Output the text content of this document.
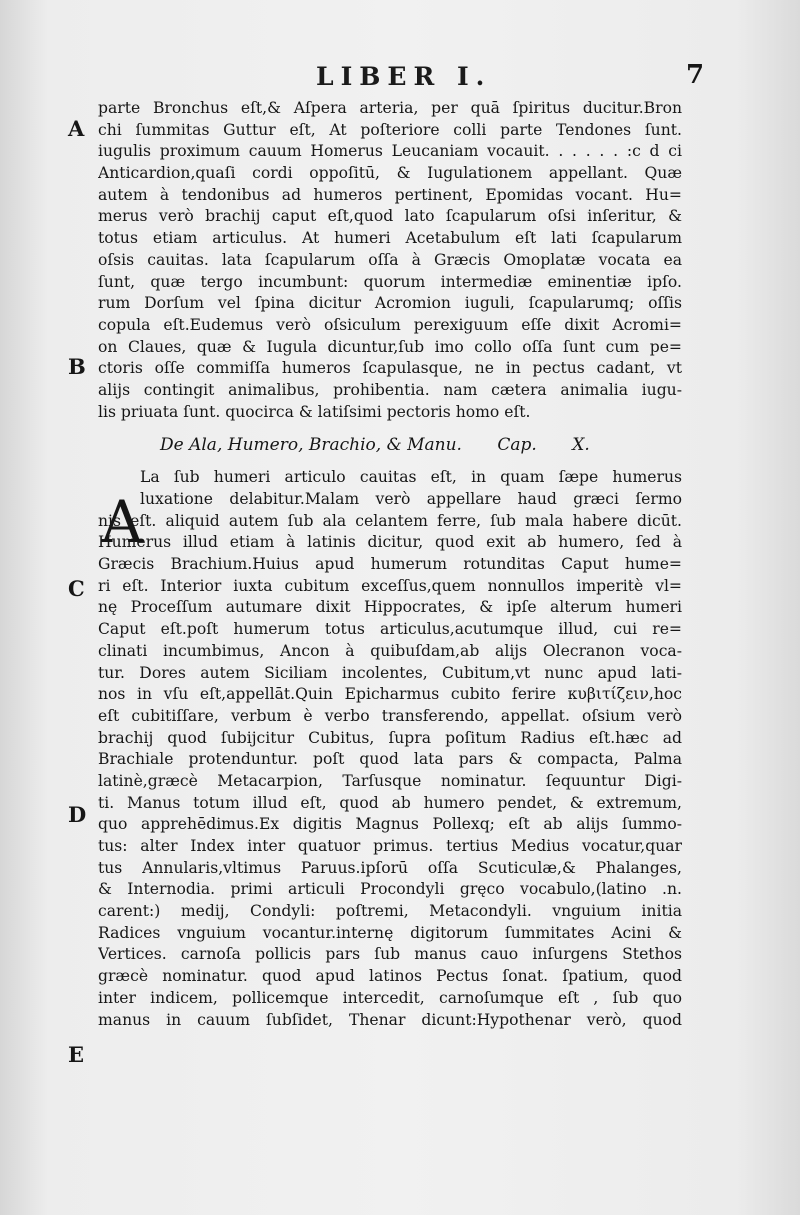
LIBER I.	7
A
B
C
D
E
A
parte Bronchus eſt,& Aſpera arteria, per quā ſpiritus ducitur.Bron
chi ſummitas Guttur eſt, At poſteriore colli parte Tendones ſunt.
iugulis proximum cauum Homerus Leucaniam vocauit. . . . . . :c d ci
Anticardion,quaſi cordi oppoſitū, & Iugulationem appellant. Quæ
autem à tendonibus ad humeros pertinent, Epomidas vocant. Hu=
merus verò brachij caput eſt,quod lato ſcapularum oſsi inſeritur, &
totus etiam articulus. At humeri Acetabulum eſt lati ſcapularum
oſsis cauitas. lata ſcapularum oſſa à Græcis Omoplatæ vocata ea
ſunt, quæ tergo incumbunt: quorum intermediæ eminentiæ ipſo.
rum Dorſum vel ſpina dicitur Acromion iuguli, ſcapularumq; oſſis
copula eſt.Eudemus verò oſsiculum perexiguum eſſe dixit Acromi=
on Claues, quæ & Iugula dicuntur,ſub imo collo oſſa ſunt cum pe=
ctoris oſſe commiſſa humeros ſcapulasque, ne in pectus cadant, vt
alijs contingit animalibus, prohibentia. nam cætera animalia iugu-
lis priuata ſunt. quocirca & latiſsimi pectoris homo eſt.
De Ala, Humero, Brachio, & Manu. Cap. X.
La ſub humeri articulo cauitas eſt, in quam ſæpe humerus
luxatione delabitur.Malam verò appellare haud græci ſermo
nis eſt. aliquid autem ſub ala celantem ferre, ſub mala habere dicūt.
Humerus illud etiam à latinis dicitur, quod exit ab humero, ſed à
Græcis Brachium.Huius apud humerum rotunditas Caput hume=
ri eſt. Interior iuxta cubitum exceſſus,quem nonnullos imperitè vl=
nę Proceſſum autumare dixit Hippocrates, & ipſe alterum humeri
Caput eſt.poſt humerum totus articulus,acutumque illud, cui re=
clinati incumbimus, Ancon à quibuſdam,ab alijs Olecranon voca-
tur. Dores autem Siciliam incolentes, Cubitum,vt nunc apud lati-
nos in vſu eſt,appellāt.Quin Epicharmus cubito ferire κυβιτίζειν,hoc
eſt cubitiſſare, verbum è verbo transferendo, appellat. oſsium verò
brachij quod ſubijcitur Cubitus, ſupra poſitum Radius eſt.hæc ad
Brachiale protenduntur. poſt quod lata pars & compacta, Palma
latinè,græcè Metacarpion, Tarſusque nominatur. ſequuntur Digi-
ti. Manus totum illud eſt, quod ab humero pendet, & extremum,
quo apprehēdimus.Ex digitis Magnus Pollexq; eſt ab alijs ſummo-
tus: alter Index inter quatuor primus. tertius Medius vocatur,quar
tus Annularis,vltimus Paruus.ipſorū oſſa Scuticulæ,& Phalanges,
& Internodia. primi articuli Procondyli gręco vocabulo,(latino .n.
carent:) medij, Condyli: poſtremi, Metacondyli. vnguium initia
Radices vnguium vocantur.internę digitorum ſummitates Acini &
Vertices. carnoſa pollicis pars ſub manus cauo inſurgens Stethos
græcè nominatur. quod apud latinos Pectus ſonat. ſpatium, quod
inter indicem, pollicemque intercedit, carnoſumque eſt , ſub quo
manus in cauum ſubſidet, Thenar dicunt:Hypothenar verò, quod
